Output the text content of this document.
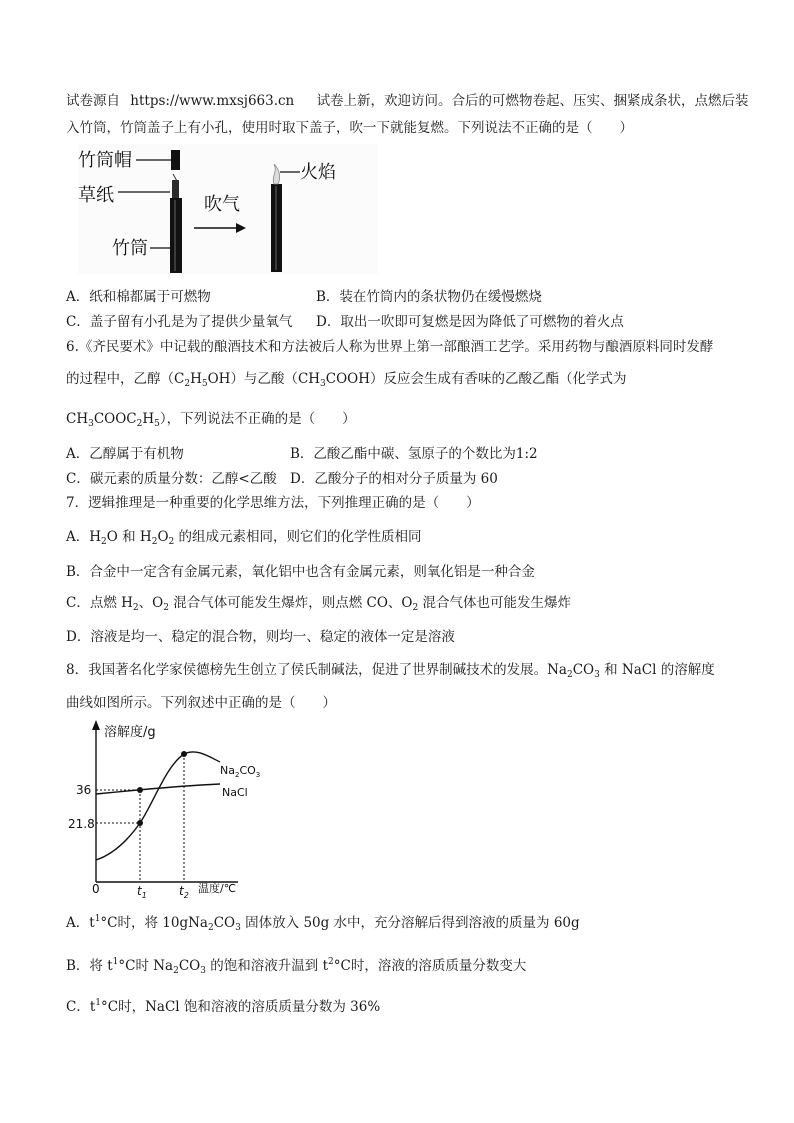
试卷源自 https://www.mxsj663.cn 试卷上新，欢迎访问。合后的可燃物卷起、压实、捆紧成条状，点燃后装
入竹筒，竹筒盖子上有小孔，使用时取下盖子，吹一下就能复燃。下列说法不正确的是（　　）
竹筒帽
草纸
竹筒
吹气
火焰
A．纸和棉都属于可燃物	B．装在竹筒内的条状物仍在缓慢燃烧
C．盖子留有小孔是为了提供少量氧气 D．取出一吹即可复燃是因为降低了可燃物的着火点
6.《齐民要术》中记载的酿酒技术和方法被后人称为世界上第一部酿酒工艺学。采用药物与酿酒原料同时发酵
的过程中，乙醇$(C_2H_5OH)$与乙酸$(CH_3COOH)$反应会生成有香味的乙酸乙酯（化学式为
$CH_3COOC_2H_5$），下列说法不正确的是（　　）
A．乙醇属于有机物	B．乙酸乙酯中碳、氢原子的个数比为1:2
C．碳元素的质量分数：乙醇<乙酸 D．乙酸分子的相对分子质量为 60
7．逻辑推理是一种重要的化学思维方法，下列推理正确的是（　　）
A．$H_2O$ 和 $H_2O_2$ 的组成元素相同，则它们的化学性质相同
B．合金中一定含有金属元素，氧化铝中也含有金属元素，则氧化铝是一种合金
C．点燃 $H_2$、$O_2$ 混合气体可能发生爆炸，则点燃 CO、$O_2$ 混合气体也可能发生爆炸
D．溶液是均一、稳定的混合物，则均一、稳定的液体一定是溶液
8．我国著名化学家侯德榜先生创立了侯氏制碱法，促进了世界制碱技术的发展。$Na_2CO_3$ 和 NaCl 的溶解度
曲线如图所示。下列叙述中正确的是（　　）
溶解度/g
温度/℃
0	$t_1$	$t_2$
36
21.8
$Na_2CO_3$
NaCl
A．$t^1^\circ C$时，将 $10gNa_2CO_3$ 固体放入 50g 水中，充分溶解后得到溶液的质量为 60g
B．将 $t^1^\circ C$时 $Na_2CO_3$ 的饱和溶液升温到 $t^2^\circ C$时，溶液的溶质质量分数变大
C．$t^1^\circ C$时，NaCl 饱和溶液的溶质质量分数为 36%
